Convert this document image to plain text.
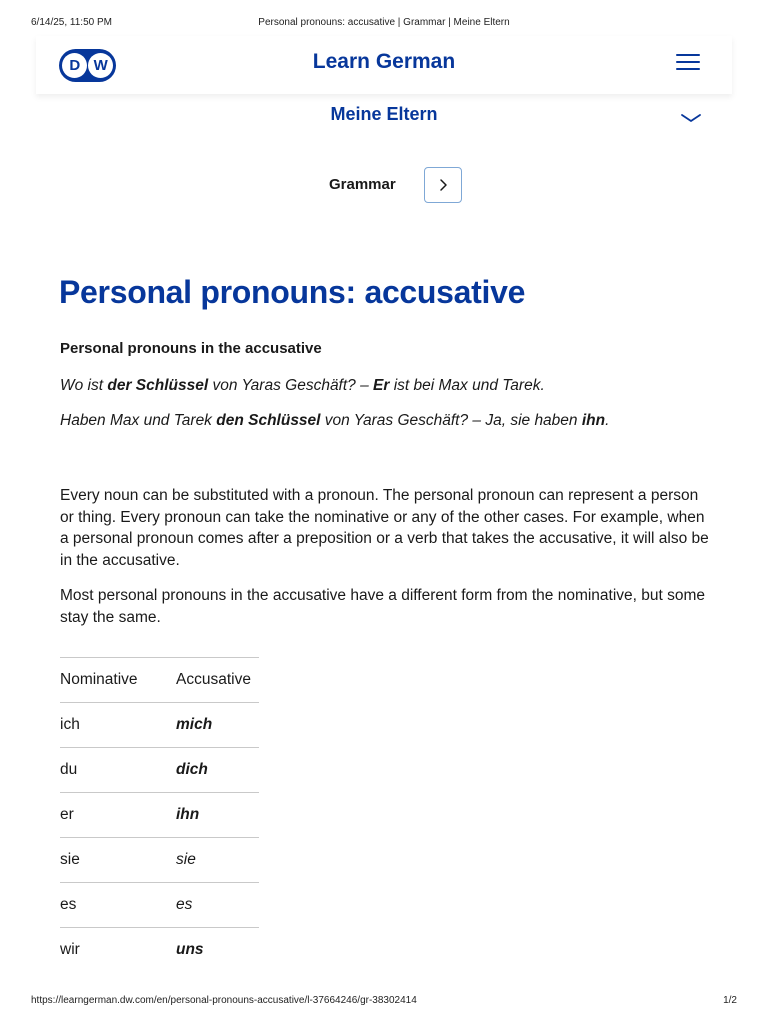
6/14/25, 11:50 PM	Personal pronouns: accusative | Grammar | Meine Eltern
D W	Learn German
Meine Eltern
Grammar
Personal pronouns: accusative
Personal pronouns in the accusative
Wo ist der Schlüssel von Yaras Geschäft? – Er ist bei Max und Tarek.
Haben Max und Tarek den Schlüssel von Yaras Geschäft? – Ja, sie haben ihn.

Every noun can be substituted with a pronoun. The personal pronoun can represent a person or thing. Every pronoun can take the nominative or any of the other cases. For example, when a personal pronoun comes after a preposition or a verb that takes the accusative, it will also be in the accusative.

Most personal pronouns in the accusative have a different form from the nominative, but some stay the same.

Nominative	Accusative
ich	mich
du	dich
er	ihn
sie	sie
es	es
wir	uns
https://learngerman.dw.com/en/personal-pronouns-accusative/l-37664246/gr-38302414	1/2
